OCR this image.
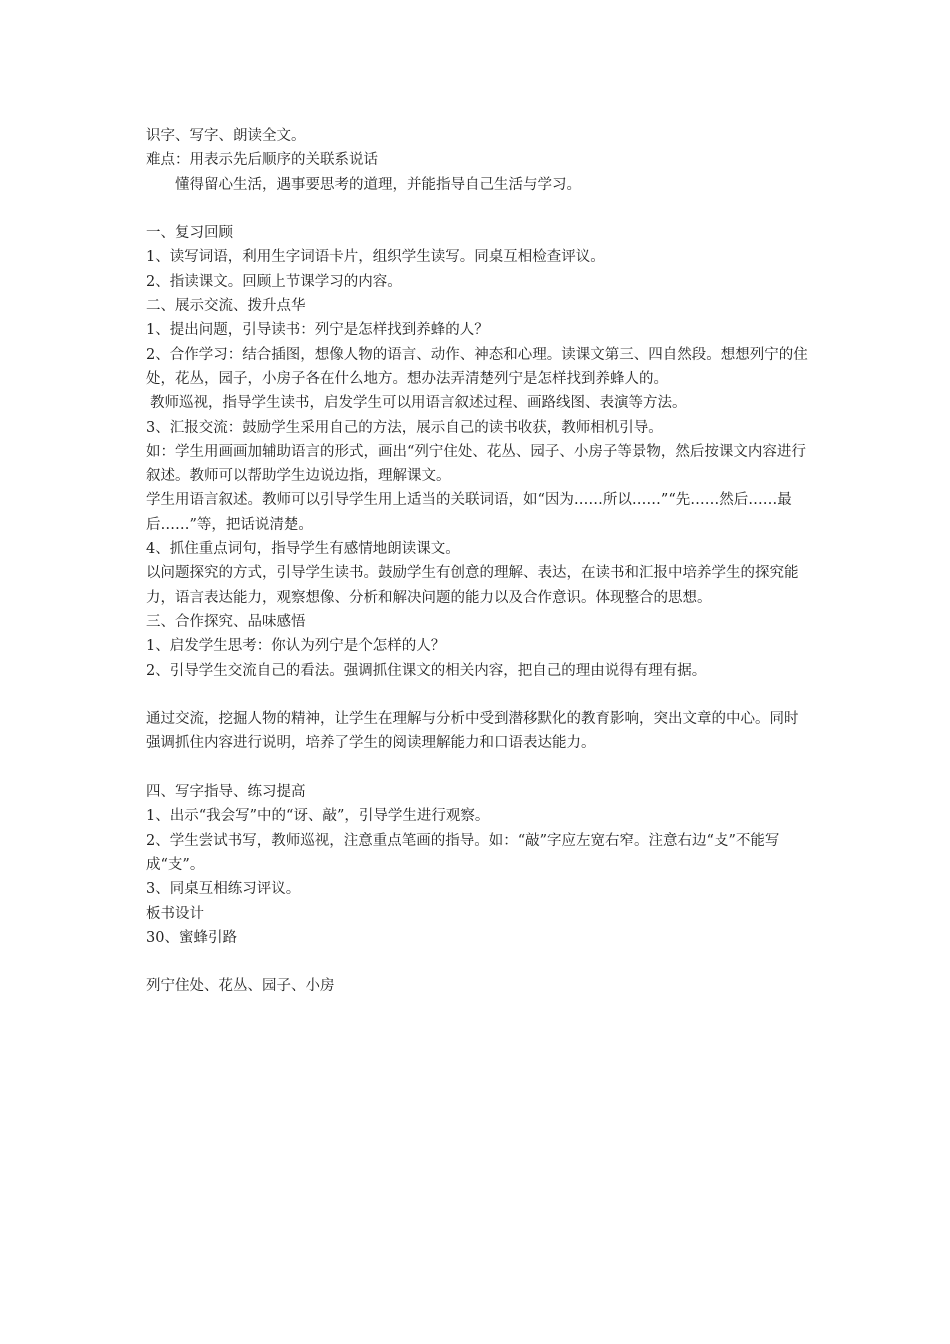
识字、写字、朗读全文。

难点：用表示先后顺序的关联系说话

懂得留心生活，遇事要思考的道理，并能指导自己生活与学习。

一、复习回顾

1、读写词语，利用生字词语卡片，组织学生读写。同桌互相检查评议。

2、指读课文。回顾上节课学习的内容。

二、展示交流、拨升点华

1、提出问题，引导读书：列宁是怎样找到养蜂的人？

2、合作学习：结合插图，想像人物的语言、动作、神态和心理。读课文第三、四自然段。想想列宁的住处，花丛，园子，小房子各在什么地方。想办法弄清楚列宁是怎样找到养蜂人的。

教师巡视，指导学生读书，启发学生可以用语言叙述过程、画路线图、表演等方法。

3、汇报交流：鼓励学生采用自己的方法，展示自己的读书收获，教师相机引导。

如：学生用画画加辅助语言的形式，画出“列宁住处、花丛、园子、小房子等景物，然后按课文内容进行叙述。教师可以帮助学生边说边指，理解课文。

学生用语言叙述。教师可以引导学生用上适当的关联词语，如“因为……所以……”“先……然后……最后……”等，把话说清楚。

4、抓住重点词句，指导学生有感情地朗读课文。

以问题探究的方式，引导学生读书。鼓励学生有创意的理解、表达，在读书和汇报中培养学生的探究能力，语言表达能力，观察想像、分析和解决问题的能力以及合作意识。体现整合的思想。

三、合作探究、品味感悟

1、启发学生思考：你认为列宁是个怎样的人？

2、引导学生交流自己的看法。强调抓住课文的相关内容，把自己的理由说得有理有据。

通过交流，挖掘人物的精神，让学生在理解与分析中受到潜移默化的教育影响，突出文章的中心。同时强调抓住内容进行说明，培养了学生的阅读理解能力和口语表达能力。

四、写字指导、练习提高

1、出示“我会写”中的“讶、敲”，引导学生进行观察。

2、学生尝试书写，教师巡视，注意重点笔画的指导。如：“敲”字应左宽右窄。注意右边“攴”不能写成“支”。

3、同桌互相练习评议。

板书设计

30、蜜蜂引路

列宁住处、花丛、园子、小房
